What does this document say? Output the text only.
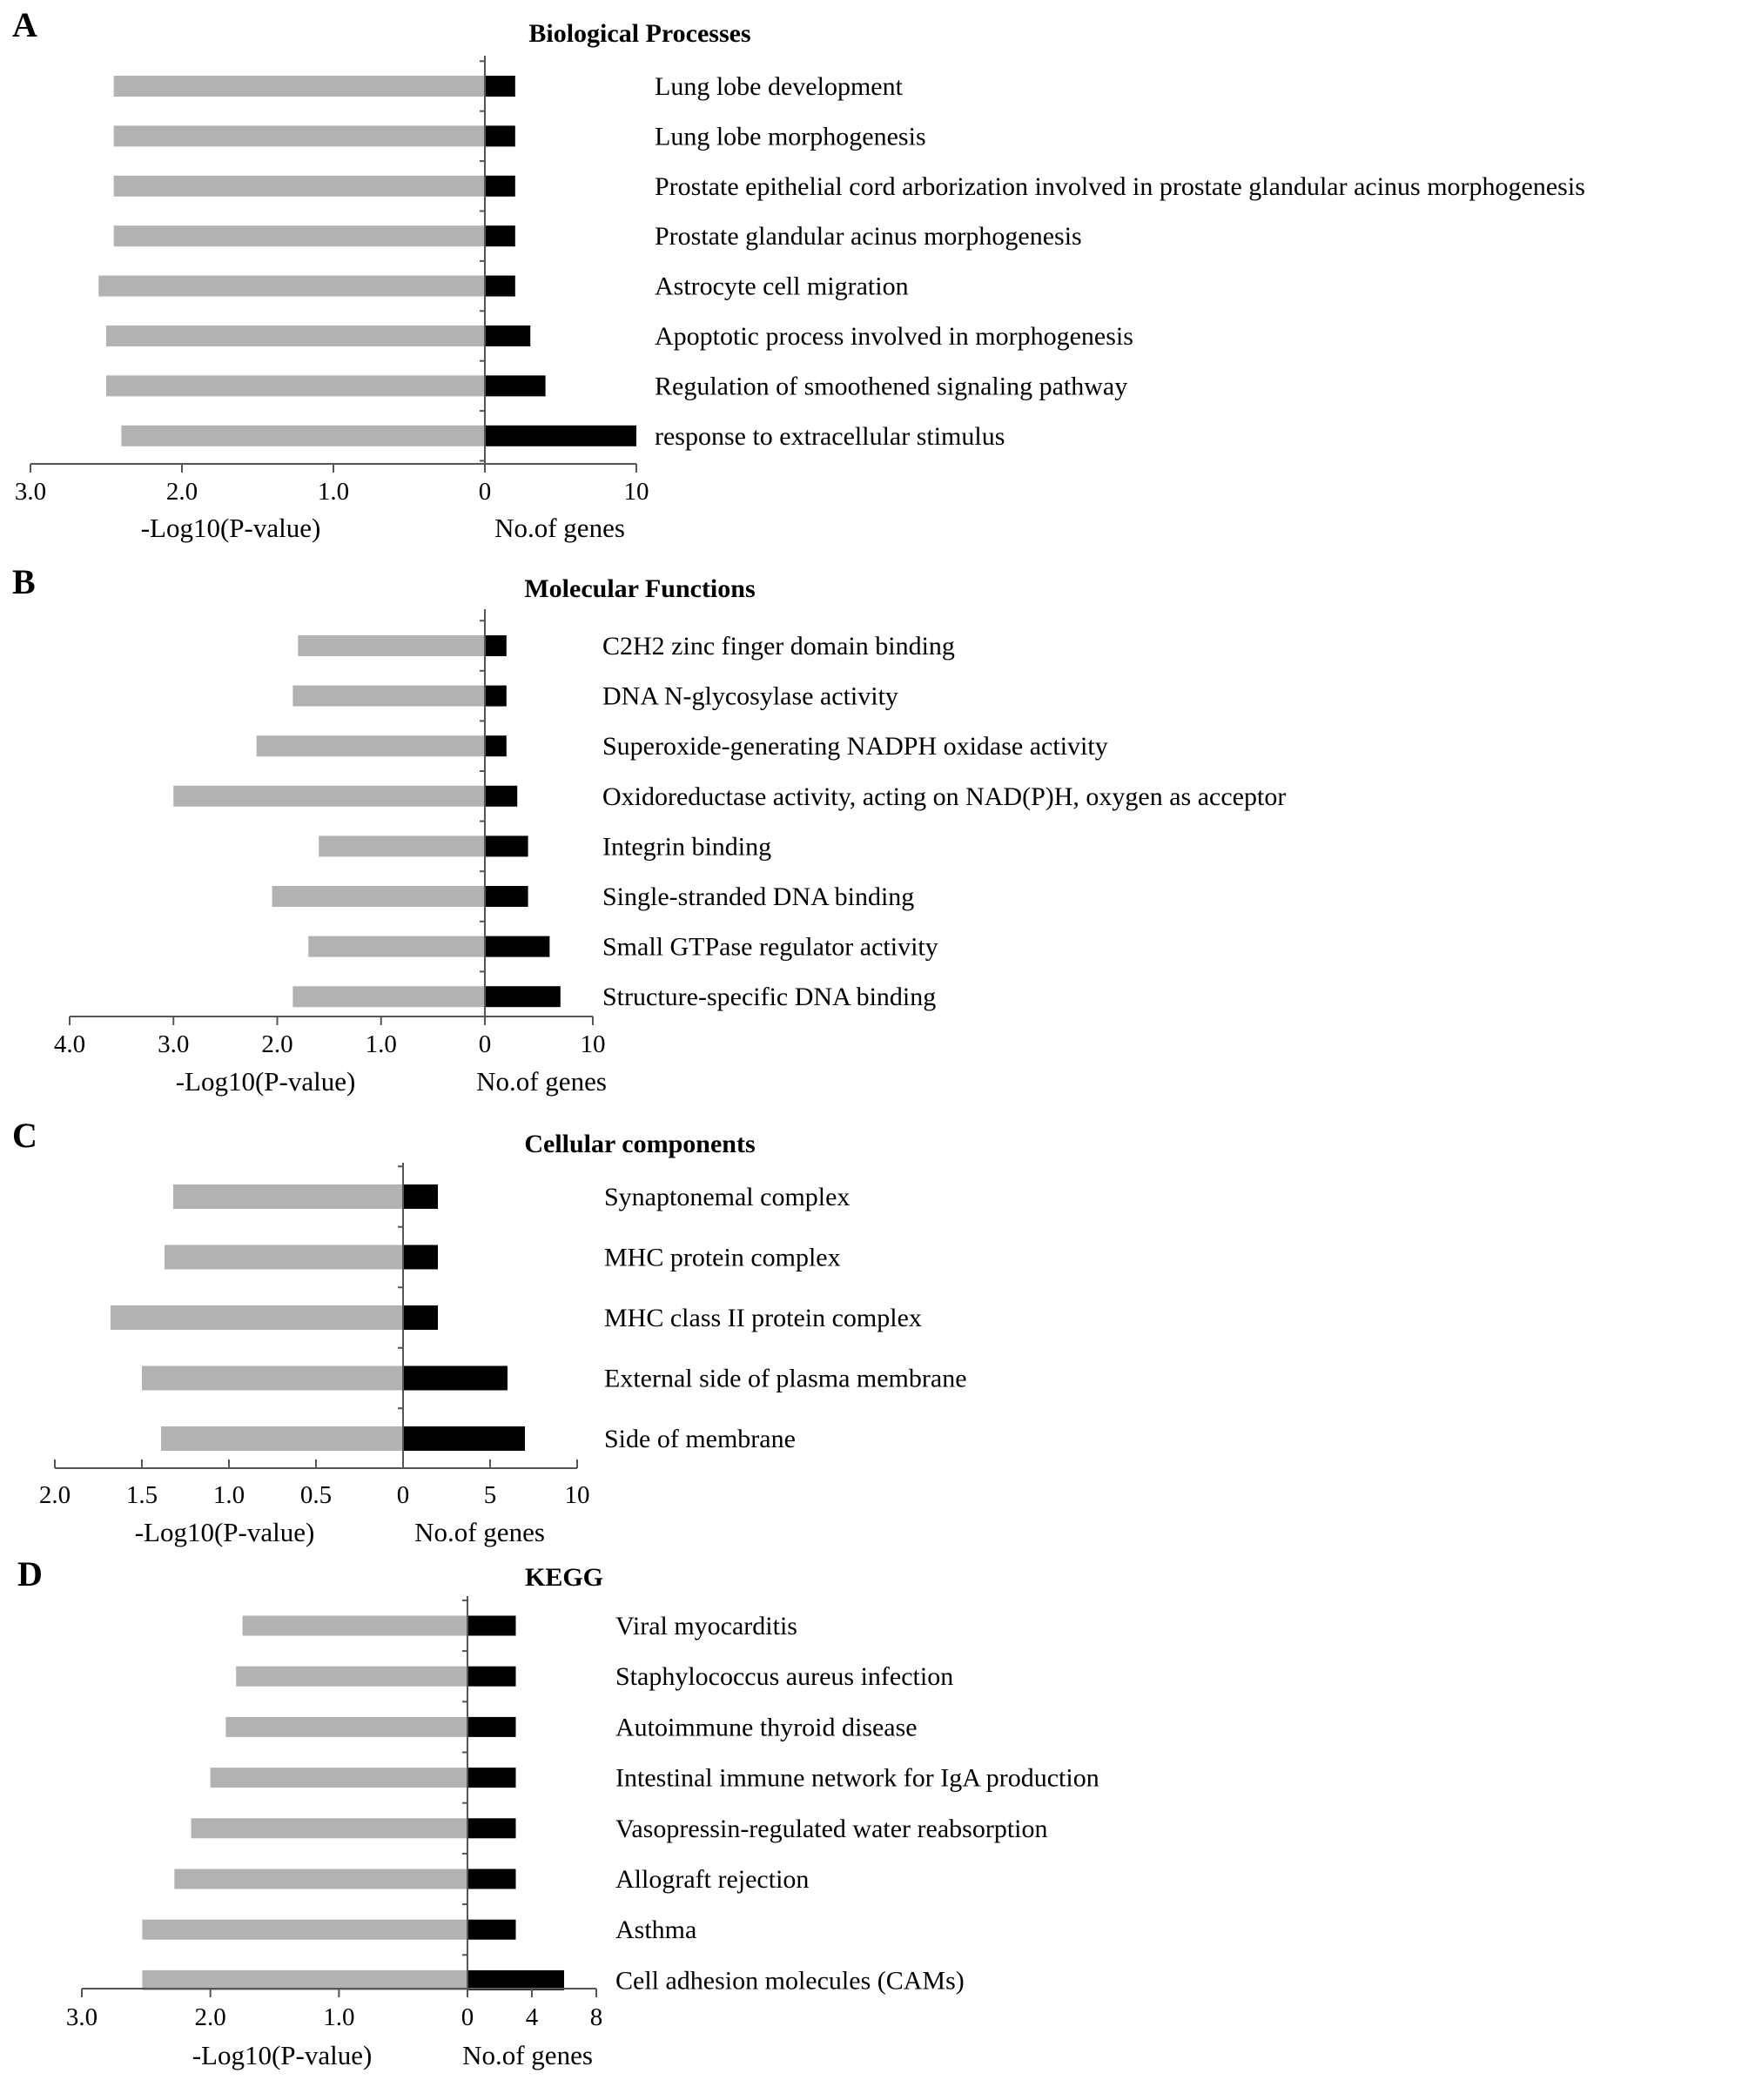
A	Biological Processes
Lung lobe development
Lung lobe morphogenesis
Prostate epithelial cord arborization involved in prostate glandular acinus morphogenesis
Prostate glandular acinus morphogenesis
Astrocyte cell migration
Apoptotic process involved in morphogenesis
Regulation of smoothened signaling pathway
response to extracellular stimulus
3.0	2.0	1.0	0	10
-Log10(P-value)	No.of genes
B	Molecular Functions
C2H2 zinc finger domain binding
DNA N-glycosylase activity
Superoxide-generating NADPH oxidase activity
Oxidoreductase activity, acting on NAD(P)H, oxygen as acceptor
Integrin binding
Single-stranded DNA binding
Small GTPase regulator activity
Structure-specific DNA binding
4.0	3.0	2.0	1.0	0	10
-Log10(P-value)	No.of genes
C	Cellular components
Synaptonemal complex
MHC protein complex
MHC class II protein complex
External side of plasma membrane
Side of membrane
2.0 1.5 1.0 0.5	0	5	10
-Log10(P-value)	No.of genes
D	KEGG
Viral myocarditis
Staphylococcus aureus infection
Autoimmune thyroid disease
Intestinal immune network for IgA production
Vasopressin-regulated water reabsorption
Allograft rejection
Asthma
Cell adhesion molecules (CAMs)
3.0	2.0	1.0	0 4 8
-Log10(P-value)	No.of genes
